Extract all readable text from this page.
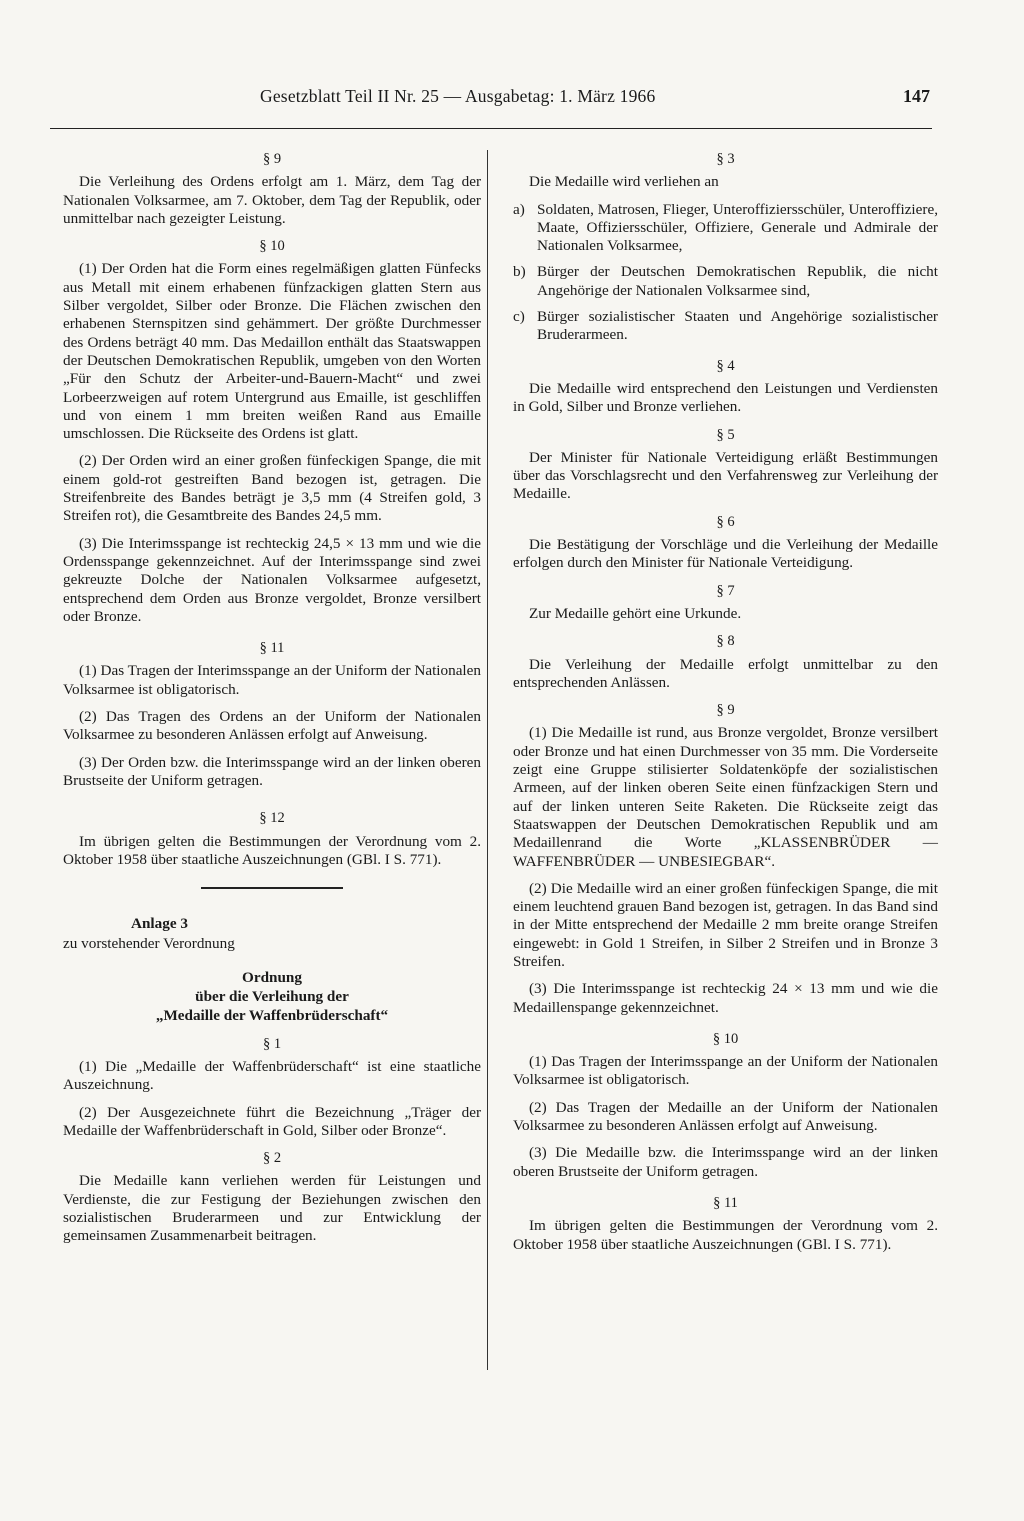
Gesetzblatt Teil II Nr. 25 — Ausgabetag: 1. März 1966	147
§ 9

Die Verleihung des Ordens erfolgt am 1. März, dem Tag der Nationalen Volksarmee, am 7. Oktober, dem Tag der Republik, oder unmittelbar nach gezeigter Leistung.

§ 10

(1) Der Orden hat die Form eines regelmäßigen glatten Fünfecks aus Metall mit einem erhabenen fünfzackigen glatten Stern aus Silber vergoldet, Silber oder Bronze. Die Flächen zwischen den erhabenen Sternspitzen sind gehämmert. Der größte Durchmesser des Ordens beträgt 40 mm. Das Medaillon enthält das Staatswappen der Deutschen Demokratischen Republik, umgeben von den Worten „Für den Schutz der Arbeiter-und-Bauern-Macht“ und zwei Lorbeerzweigen auf rotem Untergrund aus Emaille, ist geschliffen und von einem 1 mm breiten weißen Rand aus Emaille umschlossen. Die Rückseite des Ordens ist glatt.

(2) Der Orden wird an einer großen fünfeckigen Spange, die mit einem gold-rot gestreiften Band bezogen ist, getragen. Die Streifenbreite des Bandes beträgt je 3,5 mm (4 Streifen gold, 3 Streifen rot), die Gesamtbreite des Bandes 24,5 mm.

(3) Die Interimsspange ist rechteckig 24,5 × 13 mm und wie die Ordensspange gekennzeichnet. Auf der Interimsspange sind zwei gekreuzte Dolche der Nationalen Volksarmee aufgesetzt, entsprechend dem Orden aus Bronze vergoldet, Bronze versilbert oder Bronze.

§ 11

(1) Das Tragen der Interimsspange an der Uniform der Nationalen Volksarmee ist obligatorisch.

(2) Das Tragen des Ordens an der Uniform der Nationalen Volksarmee zu besonderen Anlässen erfolgt auf Anweisung.

(3) Der Orden bzw. die Interimsspange wird an der linken oberen Brustseite der Uniform getragen.

§ 12

Im übrigen gelten die Bestimmungen der Verordnung vom 2. Oktober 1958 über staatliche Auszeichnungen (GBl. I S. 771).

Anlage 3

zu vorstehender Verordnung

Ordnung
über die Verleihung der
„Medaille der Waffenbrüderschaft“
§ 1

(1) Die „Medaille der Waffenbrüderschaft“ ist eine staatliche Auszeichnung.

(2) Der Ausgezeichnete führt die Bezeichnung „Träger der Medaille der Waffenbrüderschaft in Gold, Silber oder Bronze“.

§ 2

Die Medaille kann verliehen werden für Leistungen und Verdienste, die zur Festigung der Beziehungen zwischen den sozialistischen Bruderarmeen und zur Entwicklung der gemeinsamen Zusammenarbeit beitragen.

§ 3

Die Medaille wird verliehen an

a) Soldaten, Matrosen, Flieger, Unteroffiziersschüler, Unteroffiziere, Maate, Offiziersschüler, Offiziere, Generale und Admirale der Nationalen Volksarmee,
b) Bürger der Deutschen Demokratischen Republik, die nicht Angehörige der Nationalen Volksarmee sind,
c) Bürger sozialistischer Staaten und Angehörige sozialistischer Bruderarmeen.
§ 4

Die Medaille wird entsprechend den Leistungen und Verdiensten in Gold, Silber und Bronze verliehen.

§ 5

Der Minister für Nationale Verteidigung erläßt Bestimmungen über das Vorschlagsrecht und den Verfahrensweg zur Verleihung der Medaille.

§ 6

Die Bestätigung der Vorschläge und die Verleihung der Medaille erfolgen durch den Minister für Nationale Verteidigung.

§ 7

Zur Medaille gehört eine Urkunde.

§ 8

Die Verleihung der Medaille erfolgt unmittelbar zu den entsprechenden Anlässen.

§ 9

(1) Die Medaille ist rund, aus Bronze vergoldet, Bronze versilbert oder Bronze und hat einen Durchmesser von 35 mm. Die Vorderseite zeigt eine Gruppe stilisierter Soldatenköpfe der sozialistischen Armeen, auf der linken oberen Seite einen fünfzackigen Stern und auf der linken unteren Seite Raketen. Die Rückseite zeigt das Staatswappen der Deutschen Demokratischen Republik und am Medaillenrand die Worte „KLASSENBRÜDER — WAFFENBRÜDER — UNBESIEGBAR“.

(2) Die Medaille wird an einer großen fünfeckigen Spange, die mit einem leuchtend grauen Band bezogen ist, getragen. In das Band sind in der Mitte entsprechend der Medaille 2 mm breite orange Streifen eingewebt: in Gold 1 Streifen, in Silber 2 Streifen und in Bronze 3 Streifen.

(3) Die Interimsspange ist rechteckig 24 × 13 mm und wie die Medaillenspange gekennzeichnet.

§ 10

(1) Das Tragen der Interimsspange an der Uniform der Nationalen Volksarmee ist obligatorisch.

(2) Das Tragen der Medaille an der Uniform der Nationalen Volksarmee zu besonderen Anlässen erfolgt auf Anweisung.

(3) Die Medaille bzw. die Interimsspange wird an der linken oberen Brustseite der Uniform getragen.

§ 11

Im übrigen gelten die Bestimmungen der Verordnung vom 2. Oktober 1958 über staatliche Auszeichnungen (GBl. I S. 771).
